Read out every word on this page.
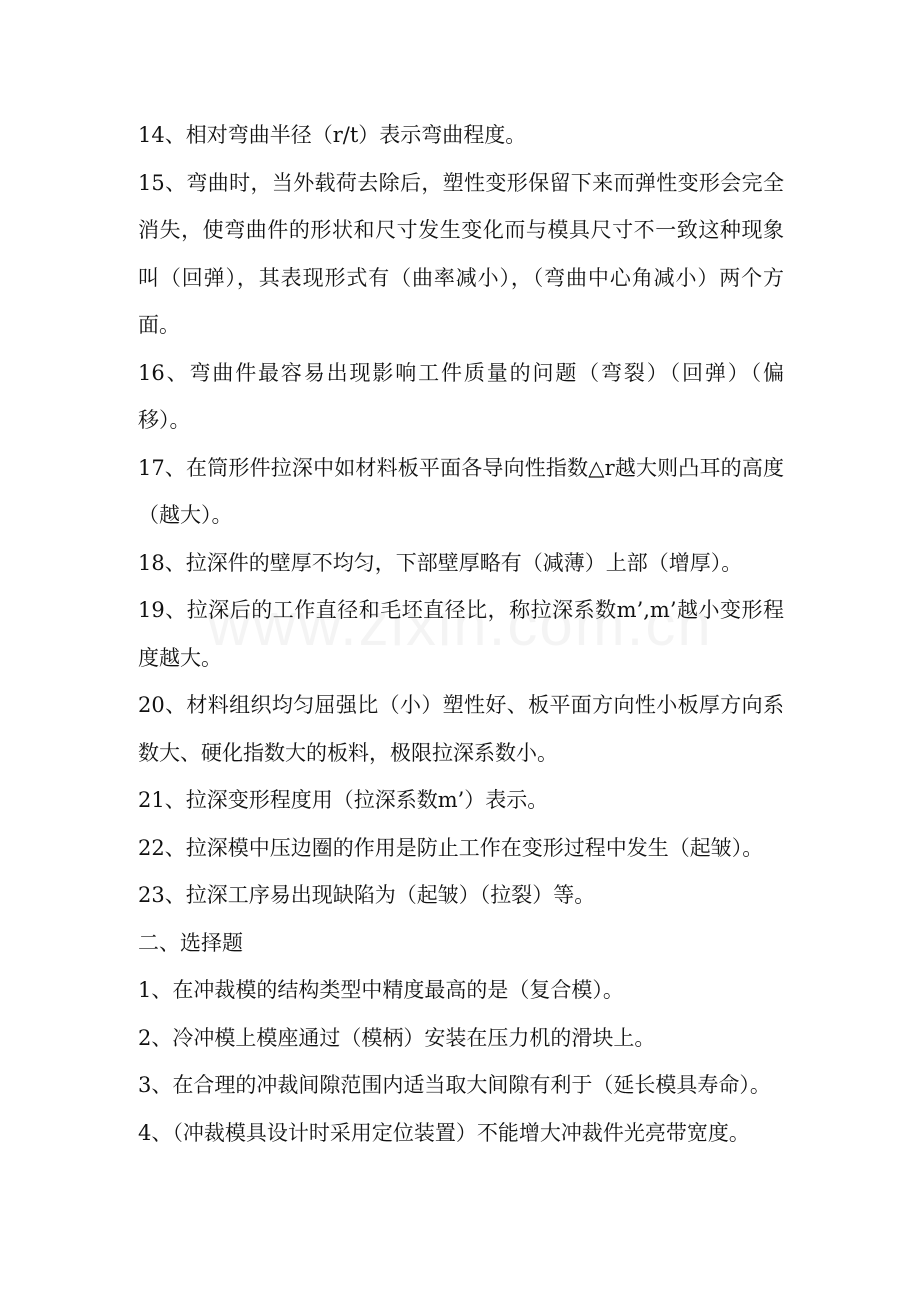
14、相对弯曲半径（r/t）表示弯曲程度。

15、弯曲时，当外载荷去除后，塑性变形保留下来而弹性变形会完全消失，使弯曲件的形状和尺寸发生变化而与模具尺寸不一致这种现象叫（回弹），其表现形式有（曲率减小），（弯曲中心角减小）两个方面。

16、弯曲件最容易出现影响工件质量的问题（弯裂）（回弹）（偏移）。

17、在筒形件拉深中如材料板平面各导向性指数△r越大则凸耳的高度（越大）。

18、拉深件的壁厚不均匀，下部壁厚略有（减薄）上部（增厚）。

19、拉深后的工作直径和毛坯直径比，称拉深系数m’,m’越小变形程度越大。

20、材料组织均匀屈强比（小）塑性好、板平面方向性小板厚方向系数大、硬化指数大的板料，极限拉深系数小。

21、拉深变形程度用（拉深系数m’）表示。

22、拉深模中压边圈的作用是防止工作在变形过程中发生（起皱）。

23、拉深工序易出现缺陷为（起皱）（拉裂）等。

二、选择题

1、在冲裁模的结构类型中精度最高的是（复合模）。

2、冷冲模上模座通过（模柄）安装在压力机的滑块上。

3、在合理的冲裁间隙范围内适当取大间隙有利于（延长模具寿命）。

4、（冲裁模具设计时采用定位装置）不能增大冲裁件光亮带宽度。
